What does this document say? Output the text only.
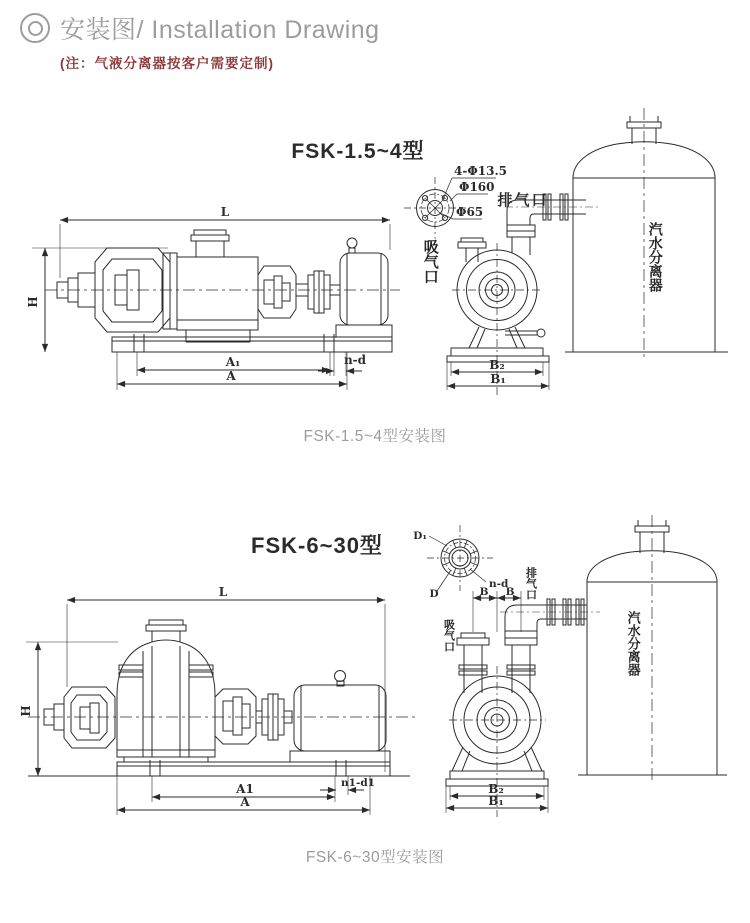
安装图/ Installation Drawing
(注：气液分离器按客户需要定制)
FSK-1.5~4型
L
H
A₁
A
n-d
4-Φ13.5
Φ160
Φ65
B₂
B₁
排气口
吸气口	汽水分离器
FSK-1.5~4型安装图
FSK-6~30型
L
H
A1
A
n1-d1
D₁
n-d
D	B B
B₂
B₁
排气口
吸气口	汽水分离器
FSK-6~30型安装图
